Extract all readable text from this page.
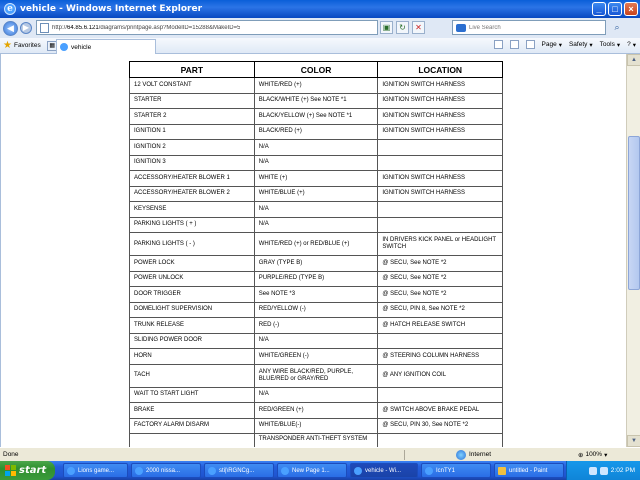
e vehicle - Windows Internet Explorer	_	□	×
◀	▶	http://64.85.6.121/diagrams/printpage.asp?ModelID=15288&MakeID=5	▣	↻	✕
Live Search	⌕
★ Favorites	▦	vehicle	Page ▾ Safety ▾ Tools ▾ ? ▾
PART	COLOR	LOCATION
12 VOLT CONSTANT	WHITE/RED (+)	IGNITION SWITCH HARNESS
STARTER	BLACK/WHITE (+) See NOTE *1	IGNITION SWITCH HARNESS
STARTER 2	BLACK/YELLOW (+) See NOTE *1	IGNITION SWITCH HARNESS
IGNITION 1	BLACK/RED (+)	IGNITION SWITCH HARNESS
IGNITION 2	N/A	
IGNITION 3	N/A	
ACCESSORY/HEATER BLOWER 1	WHITE (+)	IGNITION SWITCH HARNESS
ACCESSORY/HEATER BLOWER 2	WHITE/BLUE (+)	IGNITION SWITCH HARNESS
KEYSENSE	N/A	
PARKING LIGHTS ( + )	N/A	
PARKING LIGHTS ( - )	WHITE/RED (+) or RED/BLUE (+)	IN DRIVERS KICK PANEL or HEADLIGHT SWITCH
POWER LOCK	GRAY (TYPE B)	@ SECU, See NOTE *2
POWER UNLOCK	PURPLE/RED (TYPE B)	@ SECU, See NOTE *2
DOOR TRIGGER	See NOTE *3	@ SECU, See NOTE *2
DOMELIGHT SUPERVISION	RED/YELLOW (-)	@ SECU, PIN 8, See NOTE *2
TRUNK RELEASE	RED (-)	@ HATCH RELEASE SWITCH
SLIDING POWER DOOR	N/A	
HORN	WHITE/GREEN (-)	@ STEERING COLUMN HARNESS
TACH	ANY WIRE BLACK/RED, PURPLE, BLUE/RED or GRAY/RED	@ ANY IGNITION COIL
WAIT TO START LIGHT	N/A	
BRAKE	RED/GREEN (+)	@ SWITCH ABOVE BRAKE PEDAL
FACTORY ALARM DISARM	WHITE/BLUE(-)	@ SECU, PIN 30, See NOTE *2
	TRANSPONDER ANTI-THEFT SYSTEM	
▲
▼
Done	Internet	⊕ 100% ▾
start	Lions game...	2000 nissa...	sti|\RGNCg...	New Page 1...	vehicle - Wi...	IcnTY1	untitled - Paint	2:02 PM
